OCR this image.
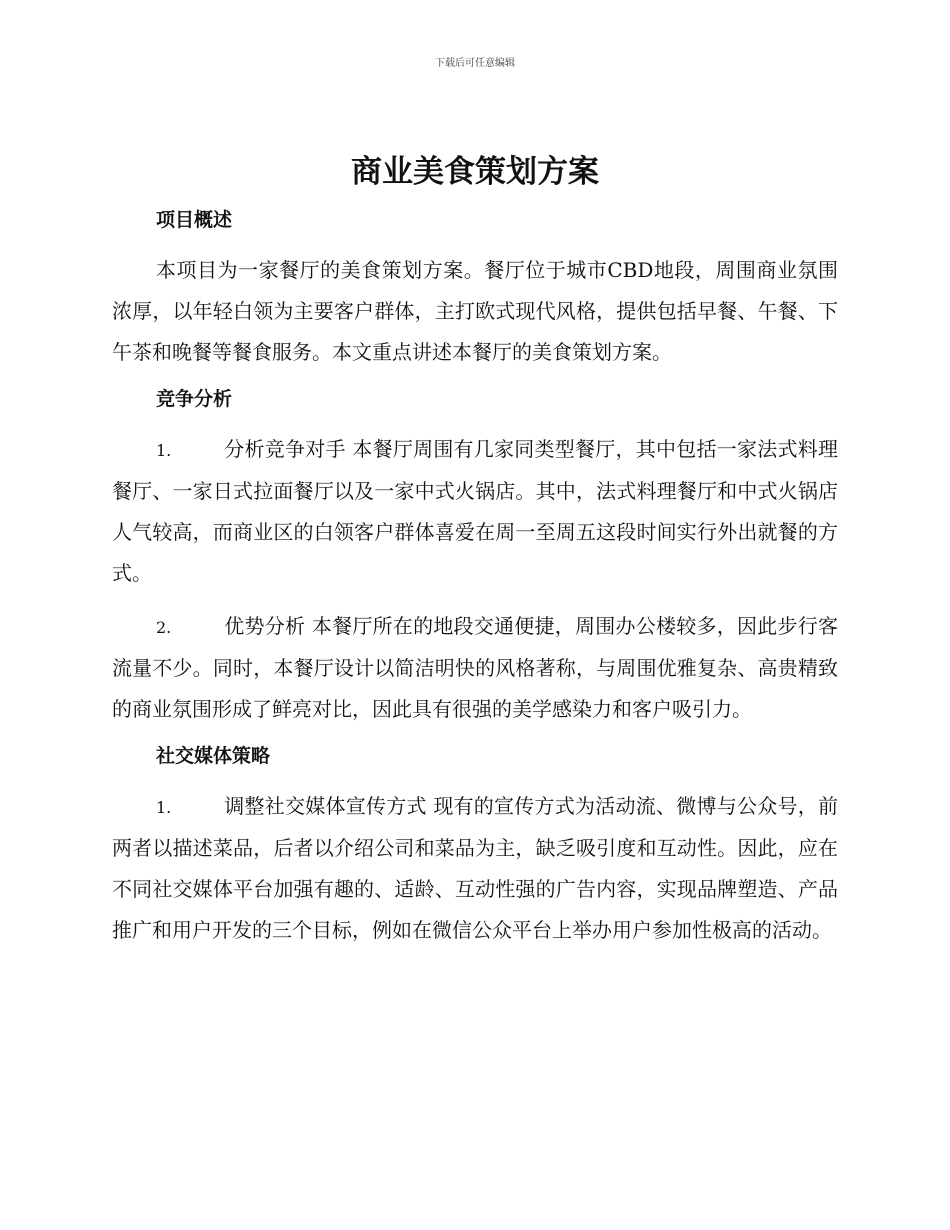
下载后可任意编辑
商业美食策划方案
项目概述

本项目为一家餐厅的美食策划方案。餐厅位于城市CBD地段，周围商业氛围浓厚，以年轻白领为主要客户群体，主打欧式现代风格，提供包括早餐、午餐、下午茶和晚餐等餐食服务。本文重点讲述本餐厅的美食策划方案。

竞争分析

1.	分析竞争对手 本餐厅周围有几家同类型餐厅，其中包括一家法式料理餐厅、一家日式拉面餐厅以及一家中式火锅店。其中，法式料理餐厅和中式火锅店人气较高，而商业区的白领客户群体喜爱在周一至周五这段时间实行外出就餐的方式。

2.	优势分析 本餐厅所在的地段交通便捷，周围办公楼较多，因此步行客流量不少。同时，本餐厅设计以简洁明快的风格著称，与周围优雅复杂、高贵精致的商业氛围形成了鲜亮对比，因此具有很强的美学感染力和客户吸引力。

社交媒体策略

1.	调整社交媒体宣传方式 现有的宣传方式为活动流、微博与公众号，前两者以描述菜品，后者以介绍公司和菜品为主，缺乏吸引度和互动性。因此，应在不同社交媒体平台加强有趣的、适龄、互动性强的广告内容，实现品牌塑造、产品推广和用户开发的三个目标，例如在微信公众平台上举办用户参加性极高的活动。
